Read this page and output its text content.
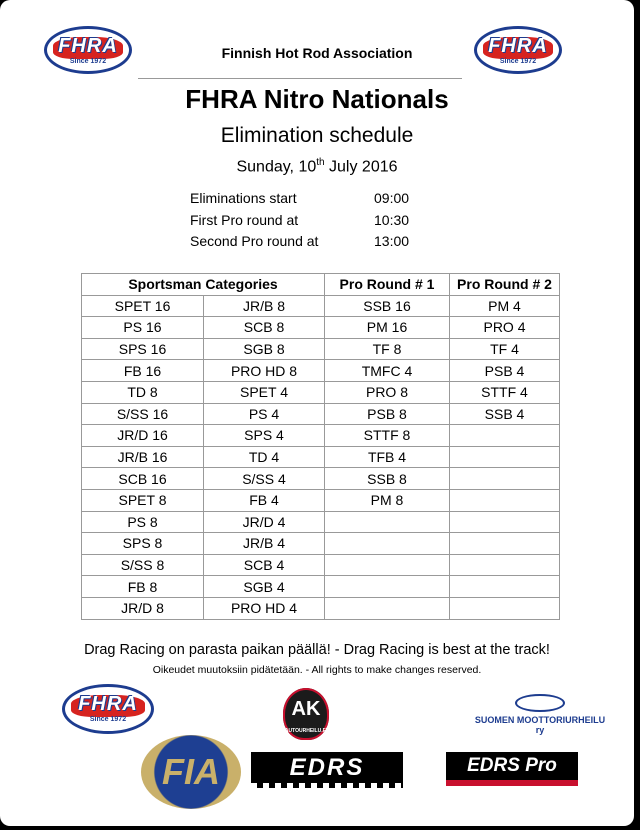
FHRA
Since 1972
FHRA
Since 1972
Finnish Hot Rod Association
FHRA Nitro Nationals
Elimination schedule
Sunday, 10th July 2016
Eliminations start	09:00
First Pro round at	10:30
Second Pro round at	13:00
Sportsman Categories		Pro Round # 1	Pro Round # 2
SPET 16	JR/B 8	SSB 16	PM 4
PS 16	SCB 8	PM 16	PRO 4
SPS 16	SGB 8	TF 8	TF 4
FB 16	PRO HD 8	TMFC 4	PSB 4
TD 8	SPET 4	PRO 8	STTF 4
S/SS 16	PS 4	PSB 8	SSB 4
JR/D 16	SPS 4	STTF 8	
JR/B 16	TD 4	TFB 4	
SCB 16	S/SS 4	SSB 8	
SPET 8	FB 4	PM 8	
PS 8	JR/D 4		
SPS 8	JR/B 4		
S/SS 8	SCB 4		
FB 8	SGB 4		
JR/D 8	PRO HD 4		
Drag Racing on parasta paikan päällä! - Drag Racing is best at the track!
Oikeudet muutoksiin pidätetään. - All rights to make changes reserved.
FHRA
Since 1972	AK
AUTOURHEILU.FI
SUOMEN MOOTTORIURHEILU ry
FIA	EDRS	EDRS Pro
